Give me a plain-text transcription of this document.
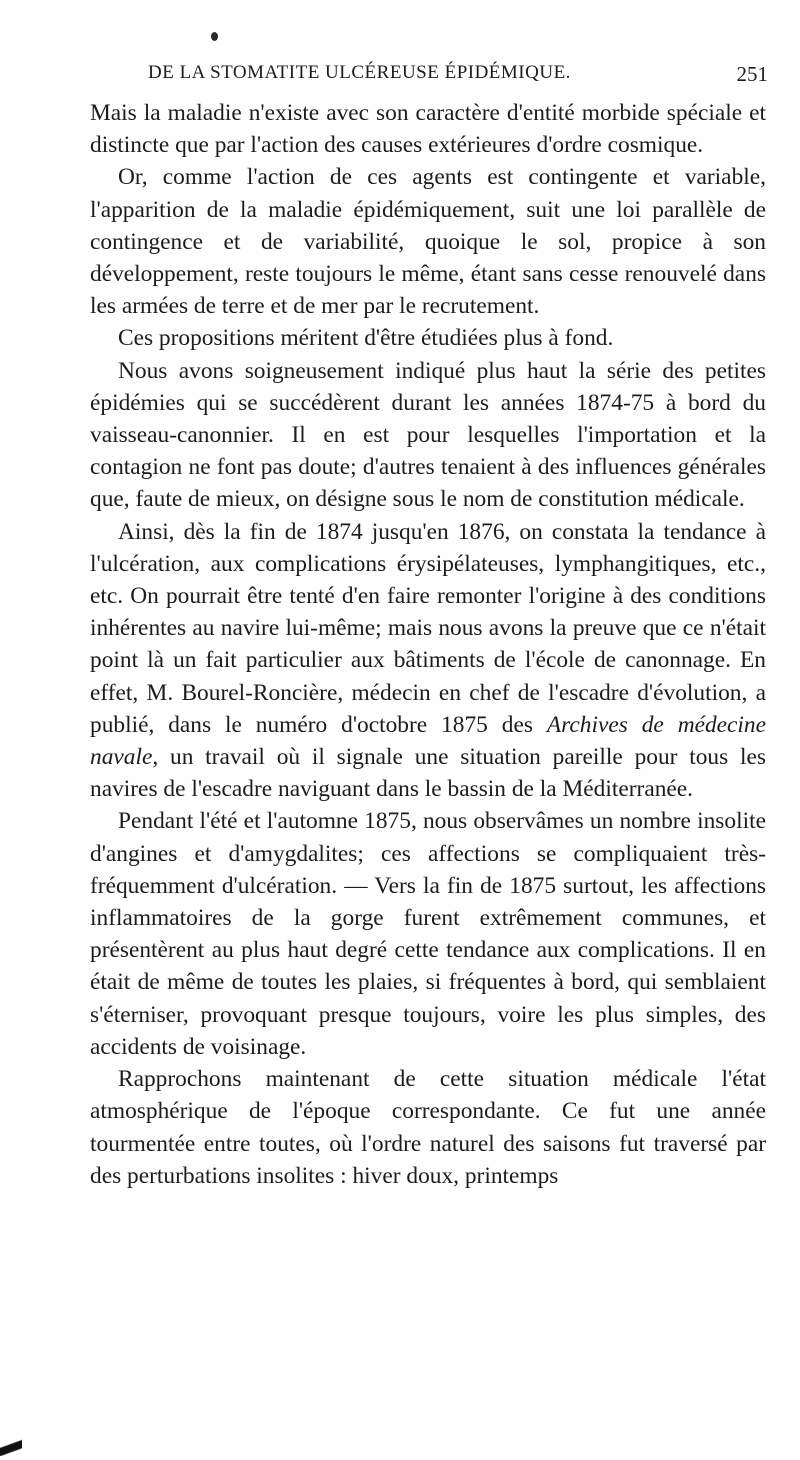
DE LA STOMATITE ULCÉREUSE ÉPIDÉMIQUE.	251

Mais la maladie n'existe avec son caractère d'entité morbide spéciale et distincte que par l'action des causes extérieures d'ordre cosmique.

Or, comme l'action de ces agents est contingente et variable, l'apparition de la maladie épidémiquement, suit une loi parallèle de contingence et de variabilité, quoique le sol, propice à son développement, reste toujours le même, étant sans cesse renouvelé dans les armées de terre et de mer par le recrutement.

Ces propositions méritent d'être étudiées plus à fond.

Nous avons soigneusement indiqué plus haut la série des petites épidémies qui se succédèrent durant les années 1874-75 à bord du vaisseau-canonnier. Il en est pour lesquelles l'importation et la contagion ne font pas doute; d'autres tenaient à des influences générales que, faute de mieux, on désigne sous le nom de constitution médicale.

Ainsi, dès la fin de 1874 jusqu'en 1876, on constata la tendance à l'ulcération, aux complications érysipélateuses, lymphangitiques, etc., etc. On pourrait être tenté d'en faire remonter l'origine à des conditions inhérentes au navire lui-même; mais nous avons la preuve que ce n'était point là un fait particulier aux bâtiments de l'école de canonnage. En effet, M. Bourel-Roncière, médecin en chef de l'escadre d'évolution, a publié, dans le numéro d'octobre 1875 des Archives de médecine navale, un travail où il signale une situation pareille pour tous les navires de l'escadre naviguant dans le bassin de la Méditerranée.

Pendant l'été et l'automne 1875, nous observâmes un nombre insolite d'angines et d'amygdalites; ces affections se compliquaient très-fréquemment d'ulcération. — Vers la fin de 1875 surtout, les affections inflammatoires de la gorge furent extrêmement communes, et présentèrent au plus haut degré cette tendance aux complications. Il en était de même de toutes les plaies, si fréquentes à bord, qui semblaient s'éterniser, provoquant presque toujours, voire les plus simples, des accidents de voisinage.

Rapprochons maintenant de cette situation médicale l'état atmosphérique de l'époque correspondante. Ce fut une année tourmentée entre toutes, où l'ordre naturel des saisons fut traversé par des perturbations insolites : hiver doux, printemps
